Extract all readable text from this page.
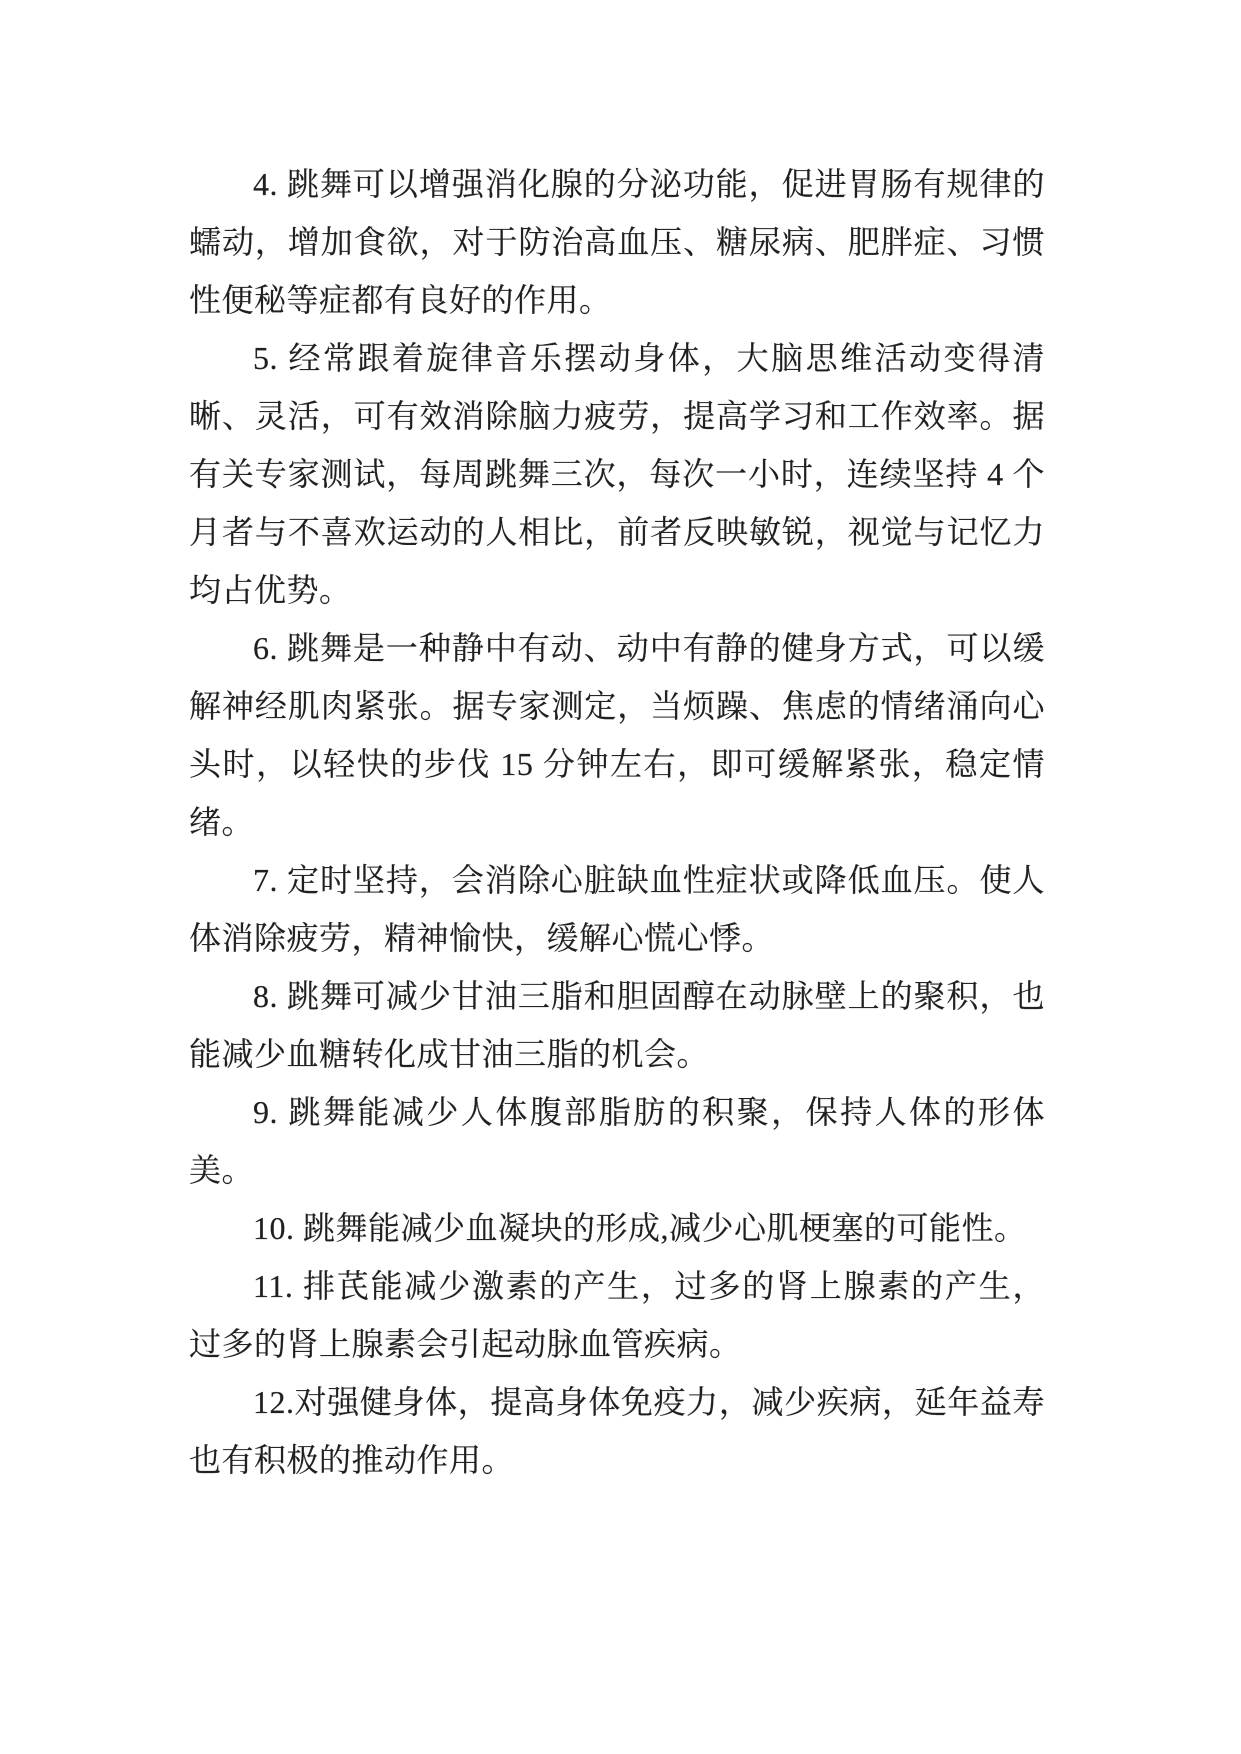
4. 跳舞可以增强消化腺的分泌功能，促进胃肠有规律的蠕动，增加食欲，对于防治高血压、糖尿病、肥胖症、习惯性便秘等症都有良好的作用。

5. 经常跟着旋律音乐摆动身体，大脑思维活动变得清晰、灵活，可有效消除脑力疲劳，提高学习和工作效率。据有关专家测试，每周跳舞三次，每次一小时，连续坚持 4 个月者与不喜欢运动的人相比，前者反映敏锐，视觉与记忆力均占优势。

6. 跳舞是一种静中有动、动中有静的健身方式，可以缓解神经肌肉紧张。据专家测定，当烦躁、焦虑的情绪涌向心头时，以轻快的步伐 15 分钟左右，即可缓解紧张，稳定情绪。

7. 定时坚持，会消除心脏缺血性症状或降低血压。使人体消除疲劳，精神愉快，缓解心慌心悸。

8. 跳舞可减少甘油三脂和胆固醇在动脉壁上的聚积，也能减少血糖转化成甘油三脂的机会。

9. 跳舞能减少人体腹部脂肪的积聚，保持人体的形体美。

10. 跳舞能减少血凝块的形成,减少心肌梗塞的可能性。

11. 排芪能减少激素的产生，过多的肾上腺素的产生，过多的肾上腺素会引起动脉血管疾病。

12.对强健身体，提高身体免疫力，减少疾病，延年益寿也有积极的推动作用。
